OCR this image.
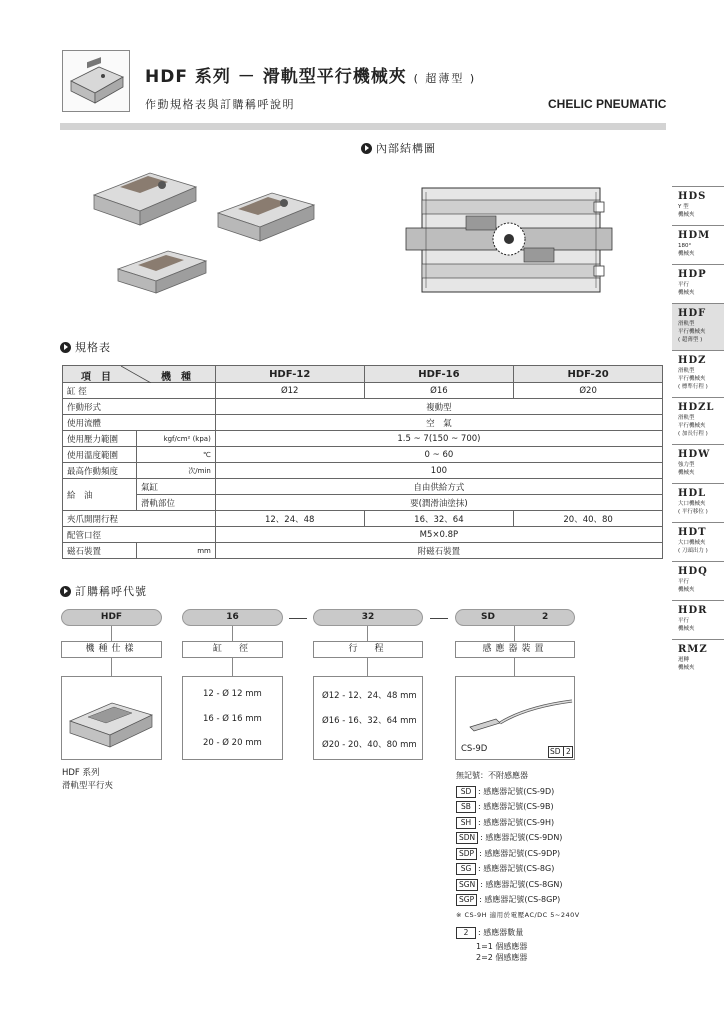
HDF 系列 － 滑軌型平行機械夾 ( 超薄型 )
作動規格表與訂購稱呼說明	CHELIC PNEUMATIC
內部結構圖
HDS
Y 型
機械夾
HDM
180°
機械夾
HDP
平行
機械夾
HDF
滑軌型
平行機械夾
( 超薄型 )
HDZ
滑軌型
平行機械夾
( 標準行程 )
HDZL
滑軌型
平行機械夾
( 加長行程 )
HDW
強力型
機械夾
HDL
大口機械夾
( 平行移位 )
HDT
大口機械夾
( 刀頭出力 )
HDQ
平行
機械夾
HDR
平行
機械夾
RMZ
迴轉
機械夾
規格表
項　目 機　種		HDF-12	HDF-16	HDF-20
缸 徑		Ø12	Ø16	Ø20
作動形式		複動型		
使用流體		空　氣		
使用壓力範圍	kgf/cm² (kpa)	1.5 ~ 7(150 ~ 700)		
使用溫度範圍	℃	0 ~ 60		
最高作動頻度	次/min	100		
給　油	氣缸	自由供給方式		
	滑軌部位	要(潤滑油塗抹)		
夾爪開閉行程		12、24、48	16、32、64	20、40、80
配管口徑		M5×0.8P		
磁石裝置	mm	附磁石裝置		
訂購稱呼代號
HDF	16	32	SD	2
機種仕樣	缸　徑	行　程	感應器裝置
12 - Ø 12 mm
16 - Ø 16 mm
20 - Ø 20 mm
Ø12 - 12、24、48 mm
Ø16 - 16、32、64 mm
Ø20 - 20、40、80 mm	CS-9D	SD 2
HDF 系列
滑軌型平行夾
無記號：不附感應器
SD : 感應器記號(CS-9D)
SB : 感應器記號(CS-9B)
SH : 感應器記號(CS-9H)
SDN : 感應器記號(CS-9DN)
SDP : 感應器記號(CS-9DP)
SG : 感應器記號(CS-8G)
SGN : 感應器記號(CS-8GN)
SGP : 感應器記號(CS-8GP)
※ CS-9H 適用於電壓AC/DC 5~240V
2 : 感應器數量
1=1 個感應器
2=2 個感應器
